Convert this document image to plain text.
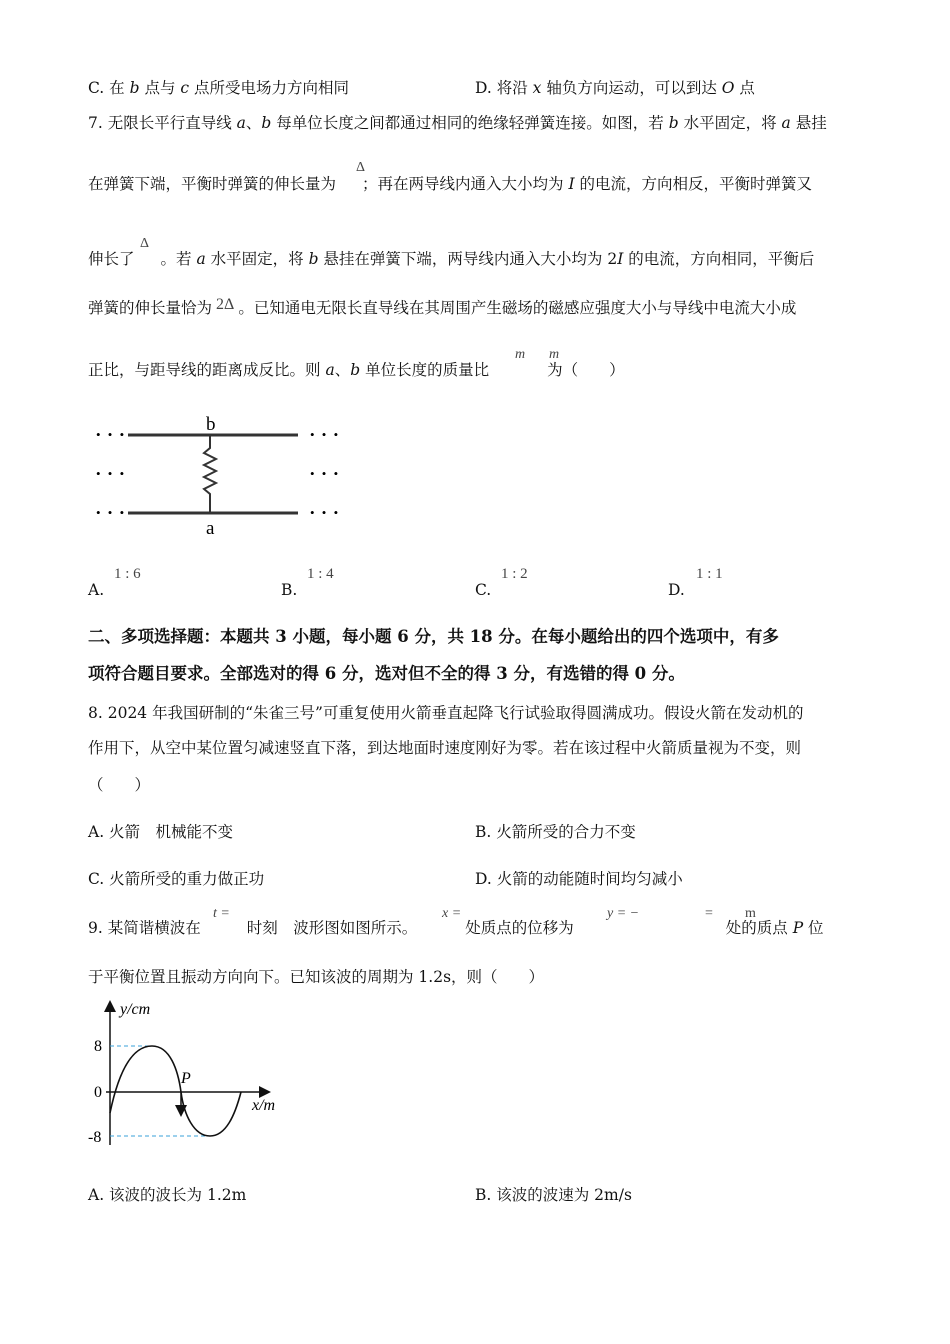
C. 在 b 点与 c 点所受电场力方向相同	D. 将沿 x 轴负方向运动，可以到达 O 点
7. 无限长平行直导线 a、b 每单位长度之间都通过相同的绝缘轻弹簧连接。如图，若 b 水平固定，将 a 悬挂
Δ
在弹簧下端，平衡时弹簧的伸长量为 ；再在两导线内通入大小均为 I 的电流，方向相反，平衡时弹簧又
Δ
伸长了 。若 a 水平固定，将 b 悬挂在弹簧下端，两导线内通入大小均为 2I 的电流，方向相同，平衡后
弹簧的伸长量恰为 2Δ 。已知通电无限长直导线在其周围产生磁场的磁感应强度大小与导线中电流大小成
m m
正比，与距导线的距离成反比。则 a、b 单位长度的质量比	为（　　）
• • •
• • •
• • •
• • •
• • •
• • •
b
a
A.
1 : 6
B.
1 : 4
C.
1 : 2
D.
1 : 1
二、多项选择题：本题共 3 小题，每小题 6 分，共 18 分。在每小题给出的四个选项中，有多
项符合题目要求。全部选对的得 6 分，选对但不全的得 3 分，有选错的得 0 分。
8. 2024 年我国研制的“朱雀三号”可重复使用火箭垂直起降飞行试验取得圆满成功。假设火箭在发动机的
作用下，从空中某位置匀减速竖直下落，到达地面时速度刚好为零。若在该过程中火箭质量视为不变，则
（　　）
A. 火箭　机械能不变	B. 火箭所受的合力不变
C. 火箭所受的重力做正功	D. 火箭的动能随时间均匀减小
t =	x =	y = −	= m
9. 某简谐横波在	时刻　波形图如图所示。	处质点的位移为	处的质点 P 位
于平衡位置且振动方向向下。已知该波的周期为 1.2s，则（　　）
y/cm
x/m
8
0
-8
P
A. 该波的波长为 1.2m	B. 该波的波速为 2m/s
